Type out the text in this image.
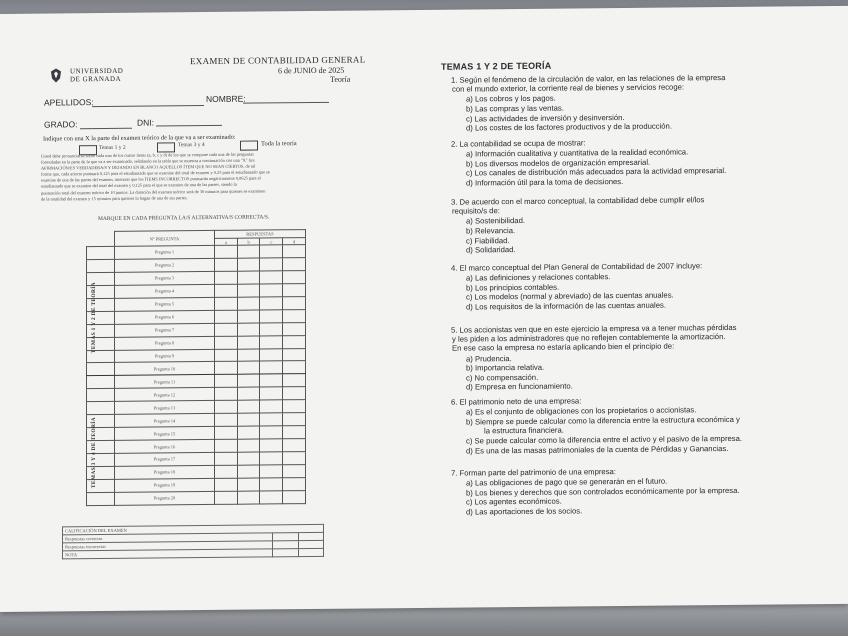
UNIVERSIDAD
DE GRANADA
EXAMEN DE CONTABILIDAD GENERAL
6 de JUNIO de 2025
Teoría
APELLIDOS:	NOMBRE:
GRADO:	DNI:
Indique con una X la parte del examen teórico de la que va a ser examinado:
Temas 1 y 2	Temas 3 y 4	Toda la teoría
Usted debe pronunciarse sobre cada uno de los cuatro ítems (a, b, c y d) de los que se compone cada una de las preguntas
formuladas en la parte de la que va a ser examinado, señalando en la tabla que se muestra a continuación con una "X" la/s
AFIRMACIÓN/ES VERDADERA/S Y DEJANDO EN BLANCO AQUELLOS ÍTEM QUE NO SEAN CIERTOS, de tal
forma que, cada acierto puntuará 0,125 para el estudiantado que se examine del total de examen y 0,25 para el estudiantado que se
examine de una de las partes del examen, mientras que los ÍTEMS INCORRECTOS puntuarán negativamente 0,0625 para el
estudiantado que se examine del total del examen y 0,125 para el que se examine de una de las partes, siendo la
puntuación total del examen teórico de 10 puntos. La duración del examen teórico será de 30 minutos para quienes se examinen
de la totalidad del examen y 15 minutos para quienes lo hagan de una de sus partes.
MARQUE EN CADA PREGUNTA LA/S ALTERNATIVA/S CORRECTA/S.
	Nº PREGUNTA	RESPUESTAS			
		a	b	c	d
	Pregunta 1				
	Pregunta 2				
	Pregunta 3				
	Pregunta 4				
	Pregunta 5				
	Pregunta 6				
	Pregunta 7				
	Pregunta 8				
	Pregunta 9				
	Pregunta 10				
	Pregunta 11				
	Pregunta 12				
	Pregunta 13				
	Pregunta 14				
	Pregunta 15				
	Pregunta 16				
	Pregunta 17				
	Pregunta 18				
	Pregunta 19				
	Pregunta 20				
TEMAS 1 Y 2 DE TEORÍA
TEMAS 3 Y 4 DE TEORÍA
CALIFICACIÓN DEL EXAMEN		
Respuestas correctas		
Respuestas incorrectas		
NOTA		
TEMAS 1 Y 2 DE TEORÍA
1. Según el fenómeno de la circulación de valor, en las relaciones de la empresa
con el mundo exterior, la corriente real de bienes y servicios recoge:
a) Los cobros y los pagos.
b) Las compras y las ventas.
c) Las actividades de inversión y desinversión.
d) Los costes de los factores productivos y de la producción.
2. La contabilidad se ocupa de mostrar:
a) Información cualitativa y cuantitativa de la realidad económica.
b) Los diversos modelos de organización empresarial.
c) Los canales de distribución más adecuados para la actividad empresarial.
d) Información útil para la toma de decisiones.
3. De acuerdo con el marco conceptual, la contabilidad debe cumplir el/los
requisito/s de:
a) Sostenibilidad.
b) Relevancia.
c) Fiabilidad.
d) Solidaridad.
4. El marco conceptual del Plan General de Contabilidad de 2007 incluye:
a) Las definiciones y relaciones contables.
b) Los principios contables.
c) Los modelos (normal y abreviado) de las cuentas anuales.
d) Los requisitos de la información de las cuentas anuales.
5. Los accionistas ven que en este ejercicio la empresa va a tener muchas pérdidas
y les piden a los administradores que no reflejen contablemente la amortización.
En ese caso la empresa no estaría aplicando bien el principio de:
a) Prudencia.
b) Importancia relativa.
c) No compensación.
d) Empresa en funcionamiento.
6. El patrimonio neto de una empresa:
a) Es el conjunto de obligaciones con los propietarios o accionistas.
b) Siempre se puede calcular como la diferencia entre la estructura económica y
la estructura financiera.
c) Se puede calcular como la diferencia entre el activo y el pasivo de la empresa.
d) Es una de las masas patrimoniales de la cuenta de Pérdidas y Ganancias.
7. Forman parte del patrimonio de una empresa:
a) Las obligaciones de pago que se generarán en el futuro.
b) Los bienes y derechos que son controlados económicamente por la empresa.
c) Los agentes económicos.
d) Las aportaciones de los socios.
